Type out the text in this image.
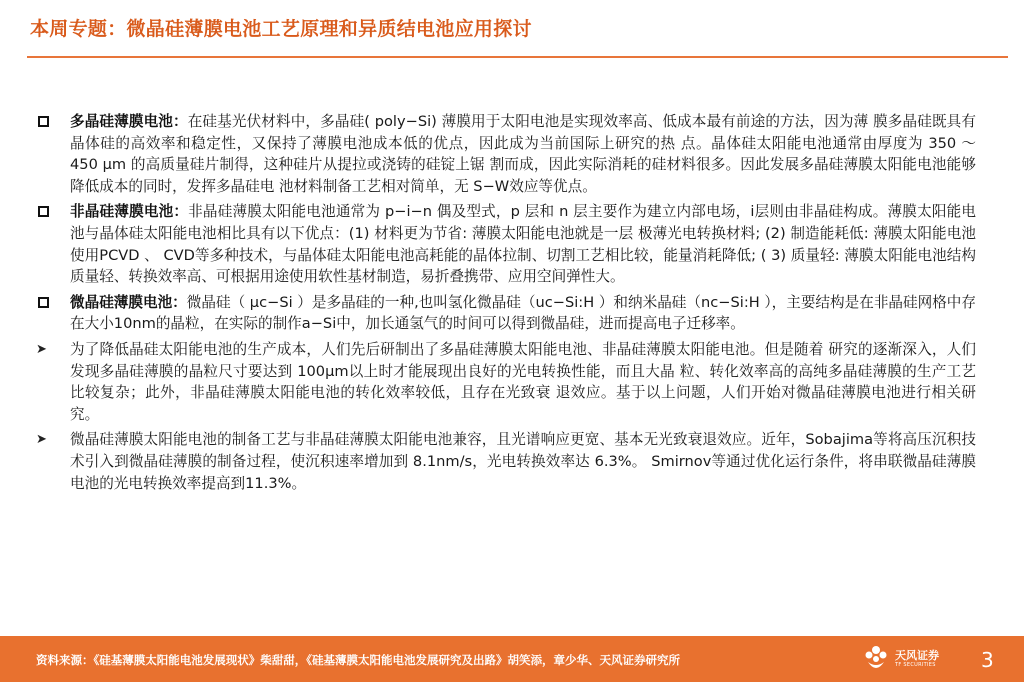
本周专题：微晶硅薄膜电池工艺原理和异质结电池应用探讨
多晶硅薄膜电池：在硅基光伏材料中，多晶硅( poly−Si) 薄膜用于太阳电池是实现效率高、低成本最有前途的方法，因为薄 膜多晶硅既具有晶体硅的高效率和稳定性，又保持了薄膜电池成本低的优点，因此成为当前国际上研究的热 点。晶体硅太阳能电池通常由厚度为 350 ～ 450 μm 的高质量硅片制得，这种硅片从提拉或浇铸的硅锭上锯 割而成，因此实际消耗的硅材料很多。因此发展多晶硅薄膜太阳能电池能够降低成本的同时，发挥多晶硅电 池材料制备工艺相对简单，无 S−W效应等优点。
非晶硅薄膜电池：非晶硅薄膜太阳能电池通常为 p−i−n 偶及型式，p 层和 n 层主要作为建立内部电场，i层则由非晶硅构成。薄膜太阳能电池与晶体硅太阳能电池相比具有以下优点：(1) 材料更为节省: 薄膜太阳能电池就是一层 极薄光电转换材料; (2) 制造能耗低: 薄膜太阳能电池使用PCVD 、 CVD等多种技术，与晶体硅太阳能电池高耗能的晶体拉制、切割工艺相比较，能量消耗降低; ( 3) 质量轻: 薄膜太阳能电池结构质量轻、转换效率高、可根据用途使用软性基材制造，易折叠携带、应用空间弹性大。
微晶硅薄膜电池：微晶硅（ μc−Si ）是多晶硅的一种,也叫氢化微晶硅（uc−Si:H ）和纳米晶硅（nc−Si:H ），主要结构是在非晶硅网格中存在大小10nm的晶粒，在实际的制作a−Si中，加长通氢气的时间可以得到微晶硅，进而提高电子迁移率。
➤ 为了降低晶硅太阳能电池的生产成本，人们先后研制出了多晶硅薄膜太阳能电池、非晶硅薄膜太阳能电池。但是随着 研究的逐渐深入，人们发现多晶硅薄膜的晶粒尺寸要达到 100μm以上时才能展现出良好的光电转换性能，而且大晶 粒、转化效率高的高纯多晶硅薄膜的生产工艺比较复杂；此外，非晶硅薄膜太阳能电池的转化效率较低，且存在光致衰 退效应。基于以上问题，人们开始对微晶硅薄膜电池进行相关研究。
➤ 微晶硅薄膜太阳能电池的制备工艺与非晶硅薄膜太阳能电池兼容，且光谱响应更宽、基本无光致衰退效应。近年，Sobajima等将高压沉积技术引入到微晶硅薄膜的制备过程，使沉积速率增加到 8.1nm/s，光电转换效率达 6.3%。 Smirnov等通过优化运行条件，将串联微晶硅薄膜电池的光电转换效率提高到11.3%。
资料来源：《硅基薄膜太阳能电池发展现状》柴甜甜，《硅基薄膜太阳能电池发展研究及出路》胡笑添，章少华、天风证券研究所	天风证券
TF SECURITIES 3
